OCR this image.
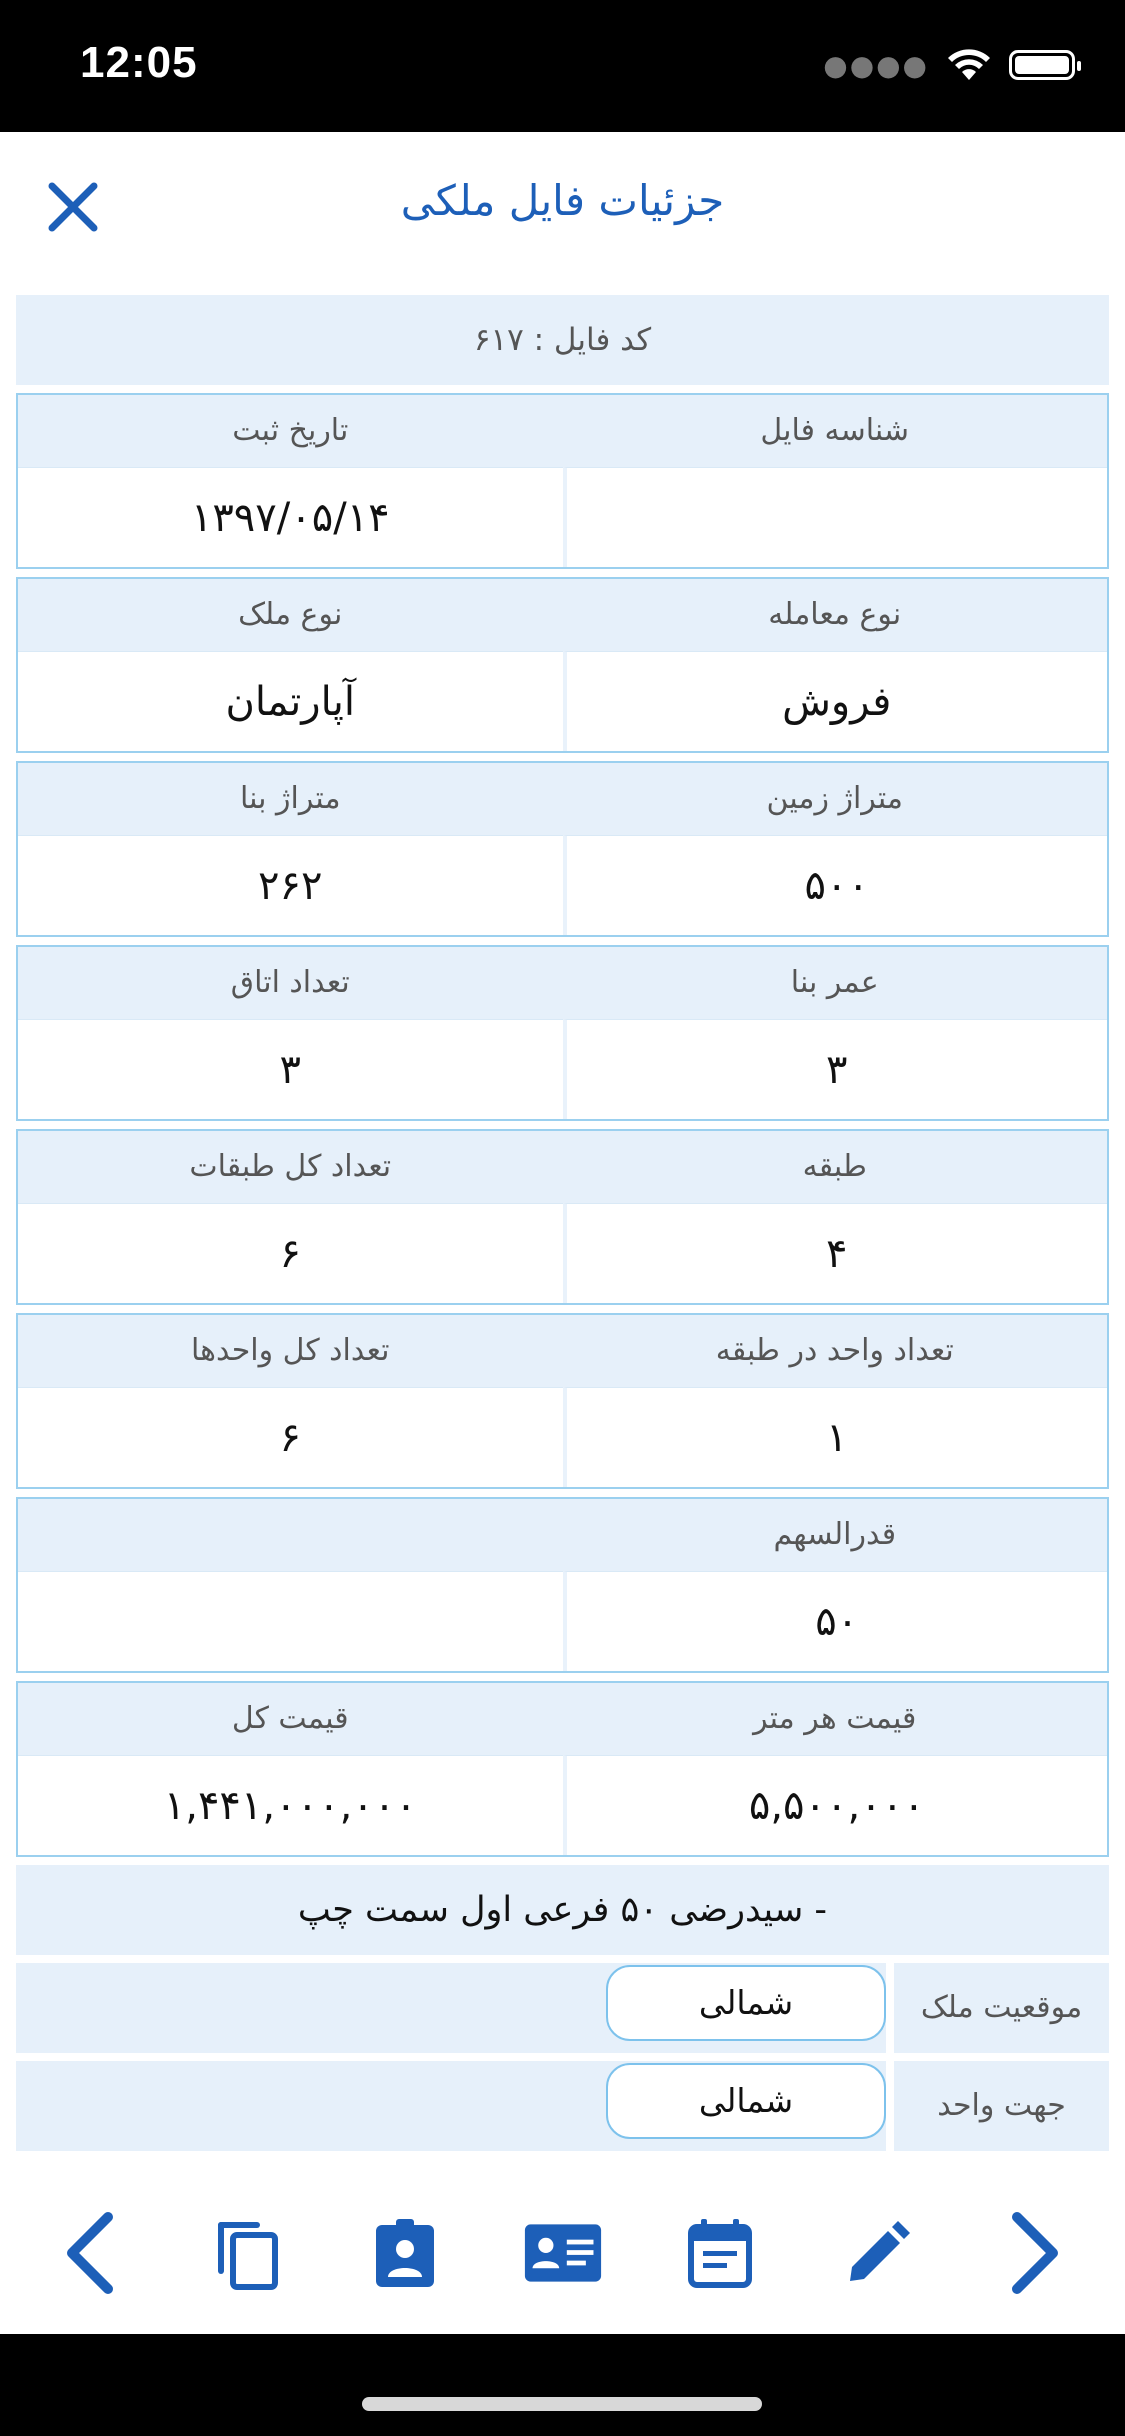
12:05	●●●●
جزئیات فایل ملکی
کد فایل : ۶۱۷
شناسه فایل
تاریخ ثبت
۱۳۹۷/۰۵/۱۴
نوع معامله
نوع ملک
فروش
آپارتمان
متراژ زمین
متراژ بنا
۵۰۰
۲۶۲
عمر بنا
تعداد اتاق
۳
۳
طبقه
تعداد کل طبقات
۴
۶
تعداد واحد در طبقه
تعداد کل واحدها
۱
۶
قدرالسهم
۵۰
قیمت هر متر
قیمت کل
۵,۵۰۰,۰۰۰
۱,۴۴۱,۰۰۰,۰۰۰
- سیدرضی ۵۰ فرعی اول سمت چپ
موقعیت ملک
شمالی
جهت واحد
شمالی
